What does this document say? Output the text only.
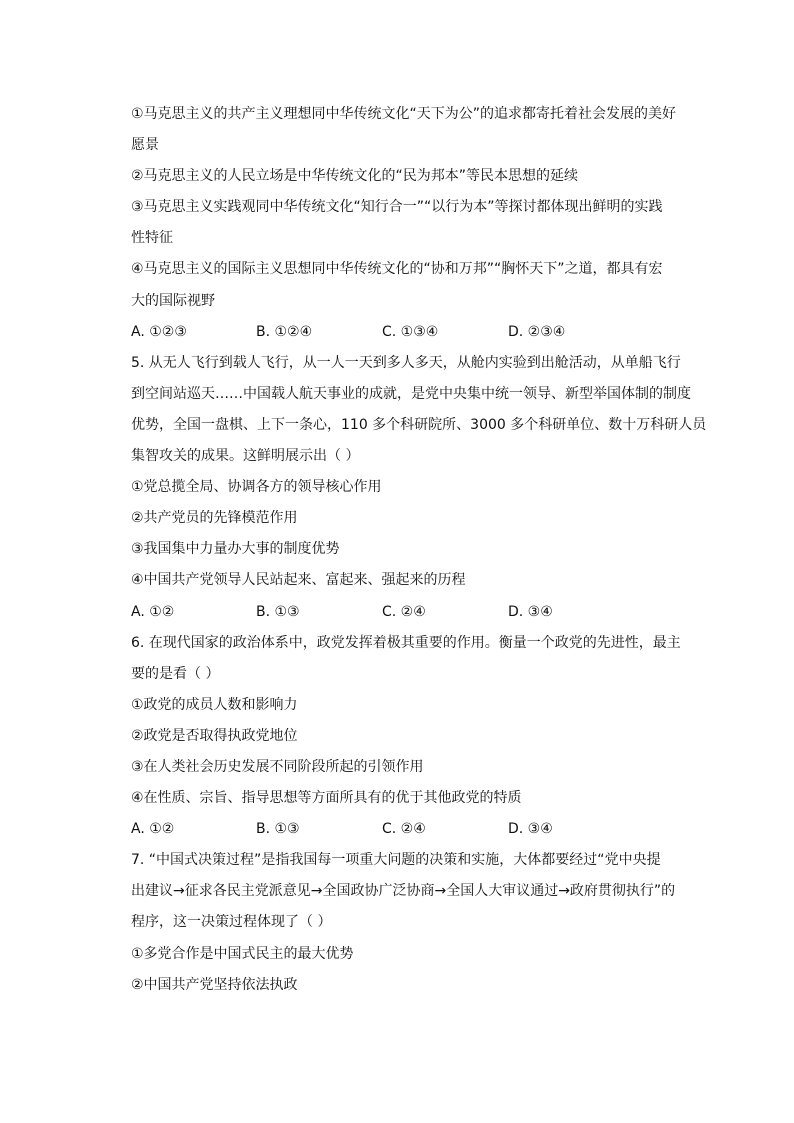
①马克思主义的共产主义理想同中华传统文化“天下为公”的追求都寄托着社会发展的美好
愿景
②马克思主义的人民立场是中华传统文化的“民为邦本”等民本思想的延续
③马克思主义实践观同中华传统文化“知行合一”“以行为本”等探讨都体现出鲜明的实践
性特征
④马克思主义的国际主义思想同中华传统文化的“协和万邦”“胸怀天下”之道，都具有宏
大的国际视野
A. ①②③	B. ①②④	C. ①③④	D. ②③④
5. 从无人飞行到载人飞行，从一人一天到多人多天，从舱内实验到出舱活动，从单船飞行
到空间站巡天……中国载人航天事业的成就，是党中央集中统一领导、新型举国体制的制度
优势，全国一盘棋、上下一条心，110 多个科研院所、3000 多个科研单位、数十万科研人员
集智攻关的成果。这鲜明展示出（ ）
①党总揽全局、协调各方的领导核心作用
②共产党员的先锋模范作用
③我国集中力量办大事的制度优势
④中国共产党领导人民站起来、富起来、强起来的历程
A. ①②	B. ①③	C. ②④	D. ③④
6. 在现代国家的政治体系中，政党发挥着极其重要的作用。衡量一个政党的先进性，最主
要的是看（ ）
①政党的成员人数和影响力
②政党是否取得执政党地位
③在人类社会历史发展不同阶段所起的引领作用
④在性质、宗旨、指导思想等方面所具有的优于其他政党的特质
A. ①②	B. ①③	C. ②④	D. ③④
7. “中国式决策过程”是指我国每一项重大问题的决策和实施，大体都要经过“党中央提
出建议→征求各民主党派意见→全国政协广泛协商→全国人大审议通过→政府贯彻执行”的
程序，这一决策过程体现了（ ）
①多党合作是中国式民主的最大优势
②中国共产党坚持依法执政
